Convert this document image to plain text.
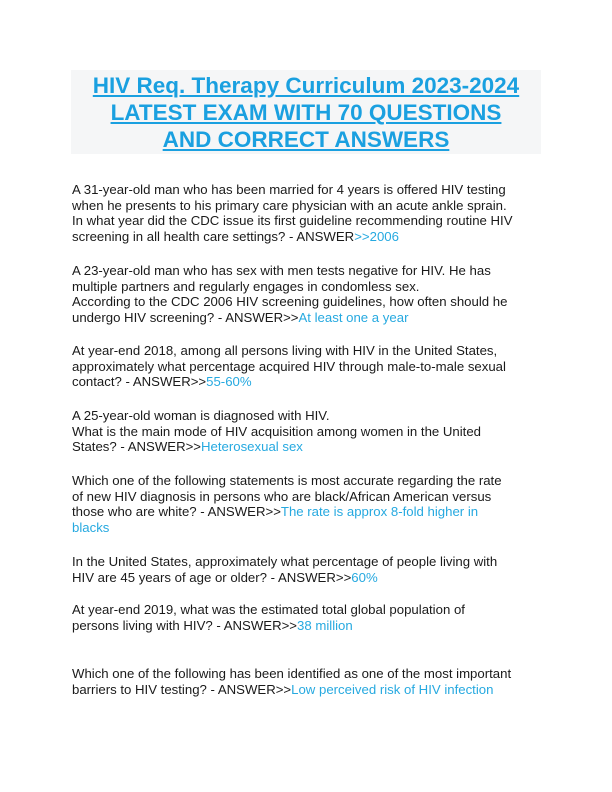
HIV Req. Therapy Curriculum 2023-2024
LATEST EXAM WITH 70 QUESTIONS
AND CORRECT ANSWERS

A 31-year-old man who has been married for 4 years is offered HIV testing
when he presents to his primary care physician with an acute ankle sprain.
In what year did the CDC issue its first guideline recommending routine HIV
screening in all health care settings? - ANSWER>>2006

A 23-year-old man who has sex with men tests negative for HIV. He has
multiple partners and regularly engages in condomless sex.
According to the CDC 2006 HIV screening guidelines, how often should he
undergo HIV screening? - ANSWER>>At least one a year

At year-end 2018, among all persons living with HIV in the United States,
approximately what percentage acquired HIV through male-to-male sexual
contact? - ANSWER>>55-60%

A 25-year-old woman is diagnosed with HIV.
What is the main mode of HIV acquisition among women in the United
States? - ANSWER>>Heterosexual sex

Which one of the following statements is most accurate regarding the rate
of new HIV diagnosis in persons who are black/African American versus
those who are white? - ANSWER>>The rate is approx 8-fold higher in
blacks

In the United States, approximately what percentage of people living with
HIV are 45 years of age or older? - ANSWER>>60%

At year-end 2019, what was the estimated total global population of
persons living with HIV? - ANSWER>>38 million

Which one of the following has been identified as one of the most important
barriers to HIV testing? - ANSWER>>Low perceived risk of HIV infection
